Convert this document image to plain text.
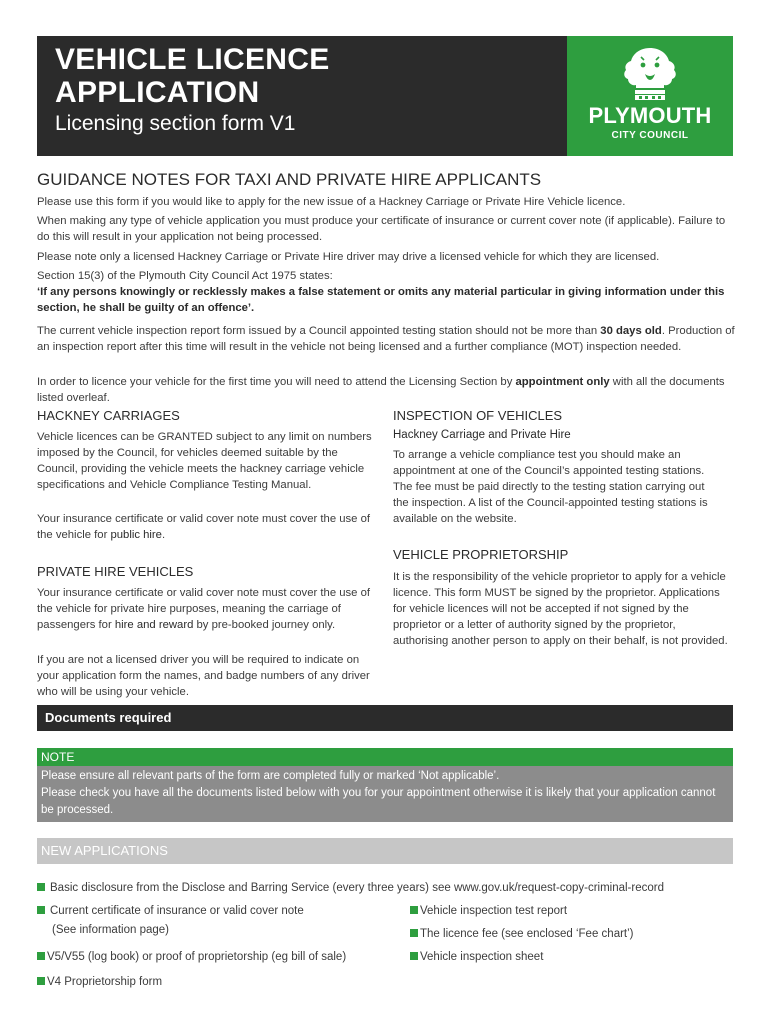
VEHICLE LICENCE APPLICATION
Licensing section form V1	PLYMOUTH
CITY COUNCIL
GUIDANCE NOTES FOR TAXI AND PRIVATE HIRE APPLICANTS
Please use this form if you would like to apply for the new issue of a Hackney Carriage or Private Hire Vehicle licence.
When making any type of vehicle application you must produce your certificate of insurance or current cover note (if applicable). Failure to do this will result in your application not being processed.
Please note only a licensed Hackney Carriage or Private Hire driver may drive a licensed vehicle for which they are licensed.
Section 15(3) of the Plymouth City Council Act 1975 states:
‘If any persons knowingly or recklessly makes a false statement or omits any material particular in giving information under this section, he shall be guilty of an offence’.
The current vehicle inspection report form issued by a Council appointed testing station should not be more than 30 days old. Production of an inspection report after this time will result in the vehicle not being licensed and a further compliance (MOT) inspection needed.
In order to licence your vehicle for the first time you will need to attend the Licensing Section by appointment only with all the documents listed overleaf.
HACKNEY CARRIAGES
Vehicle licences can be GRANTED subject to any limit on numbers imposed by the Council, for vehicles deemed suitable by the Council, providing the vehicle meets the hackney carriage vehicle specifications and Vehicle Compliance Testing Manual.
Your insurance certificate or valid cover note must cover the use of the vehicle for public hire.
PRIVATE HIRE VEHICLES
Your insurance certificate or valid cover note must cover the use of the vehicle for private hire purposes, meaning the carriage of passengers for hire and reward by pre-booked journey only.
If you are not a licensed driver you will be required to indicate on your application form the names, and badge numbers of any driver who will be using your vehicle.
INSPECTION OF VEHICLES
Hackney Carriage and Private Hire
To arrange a vehicle compliance test you should make an appointment at one of the Council’s appointed testing stations. The fee must be paid directly to the testing station carrying out the inspection. A list of the Council-appointed testing stations is available on the website.
VEHICLE PROPRIETORSHIP
It is the responsibility of the vehicle proprietor to apply for a vehicle licence. This form MUST be signed by the proprietor. Applications for vehicle licences will not be accepted if not signed by the proprietor or a letter of authority signed by the proprietor, authorising another person to apply on their behalf, is not provided.
Documents required
NOTE
Please ensure all relevant parts of the form are completed fully or marked ‘Not applicable’.
Please check you have all the documents listed below with you for your appointment otherwise it is likely that your application cannot be processed.
NEW APPLICATIONS
Basic disclosure from the Disclose and Barring Service (every three years) see www.gov.uk/request-copy-criminal-record
Current certificate of insurance or valid cover note
(See information page)
Vehicle inspection test report
The licence fee (see enclosed ‘Fee chart’)
V5/V55 (log book) or proof of proprietorship (eg bill of sale)	Vehicle inspection sheet
V4 Proprietorship form
